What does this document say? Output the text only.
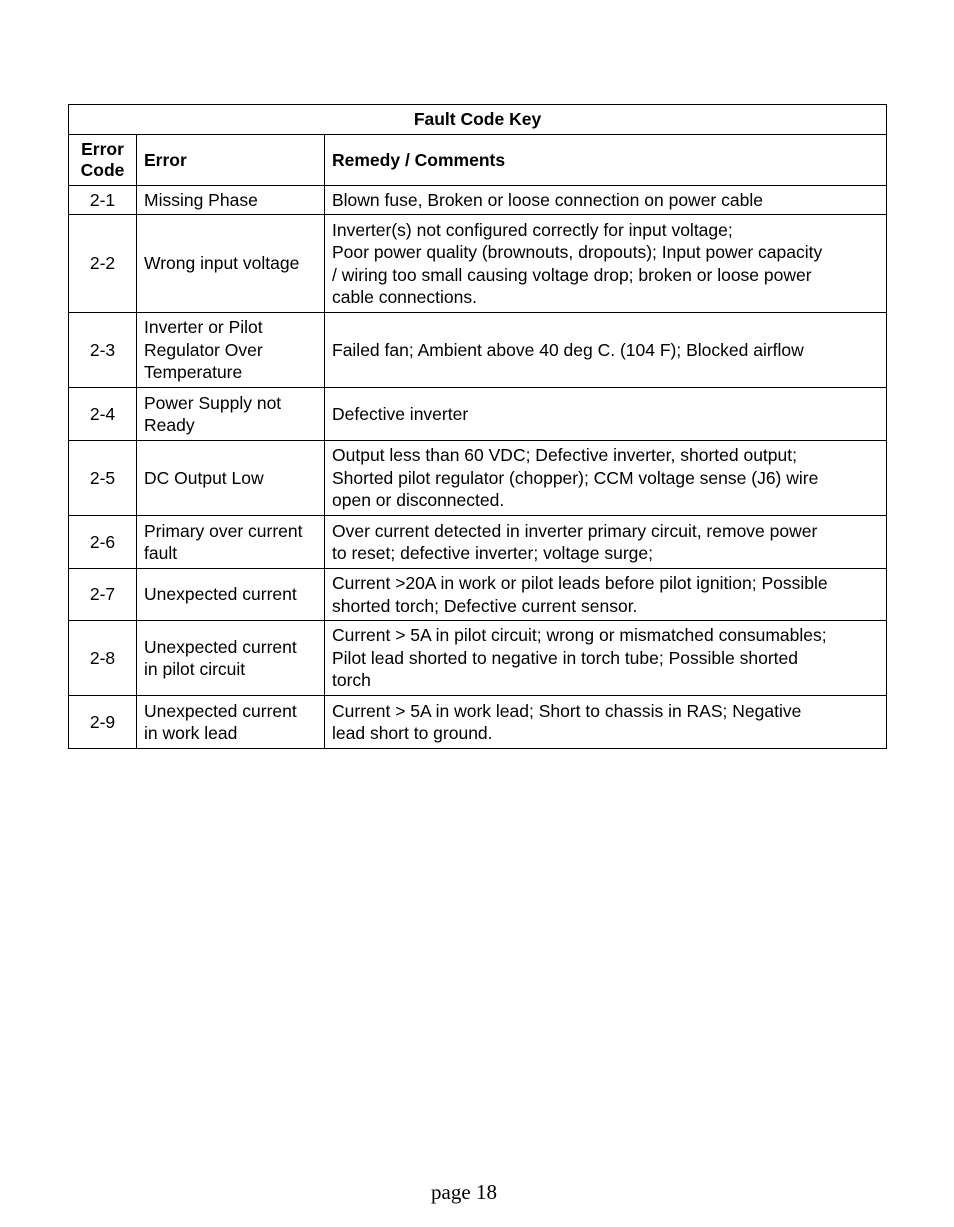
Fault Code Key		

Error
Code	Error	Remedy / Comments
2-1	Missing Phase	Blown fuse, Broken or loose connection on power cable

2-2	Wrong input voltage	Inverter(s) not configured correctly for input voltage;
Poor power quality (brownouts, dropouts); Input power capacity
/ wiring too small causing voltage drop; broken or loose power
cable connections.

2-3	Inverter or Pilot
Regulator Over
Temperature	Failed fan; Ambient above 40 deg C. (104 F); Blocked airflow

2-4	Power Supply not
Ready	Defective inverter

2-5	DC Output Low	Output less than 60 VDC; Defective inverter, shorted output;
Shorted pilot regulator (chopper); CCM voltage sense (J6) wire
open or disconnected.

2-6	Primary over current
fault	Over current detected in inverter primary circuit, remove power
to reset; defective inverter; voltage surge;

2-7	Unexpected current	Current >20A in work or pilot leads before pilot ignition; Possible
shorted torch; Defective current sensor.

2-8	Unexpected current
in pilot circuit	Current > 5A in pilot circuit; wrong or mismatched consumables;
Pilot lead shorted to negative in torch tube; Possible shorted
torch

2-9	Unexpected current
in work lead	Current > 5A in work lead; Short to chassis in RAS; Negative
lead short to ground.
page 18
